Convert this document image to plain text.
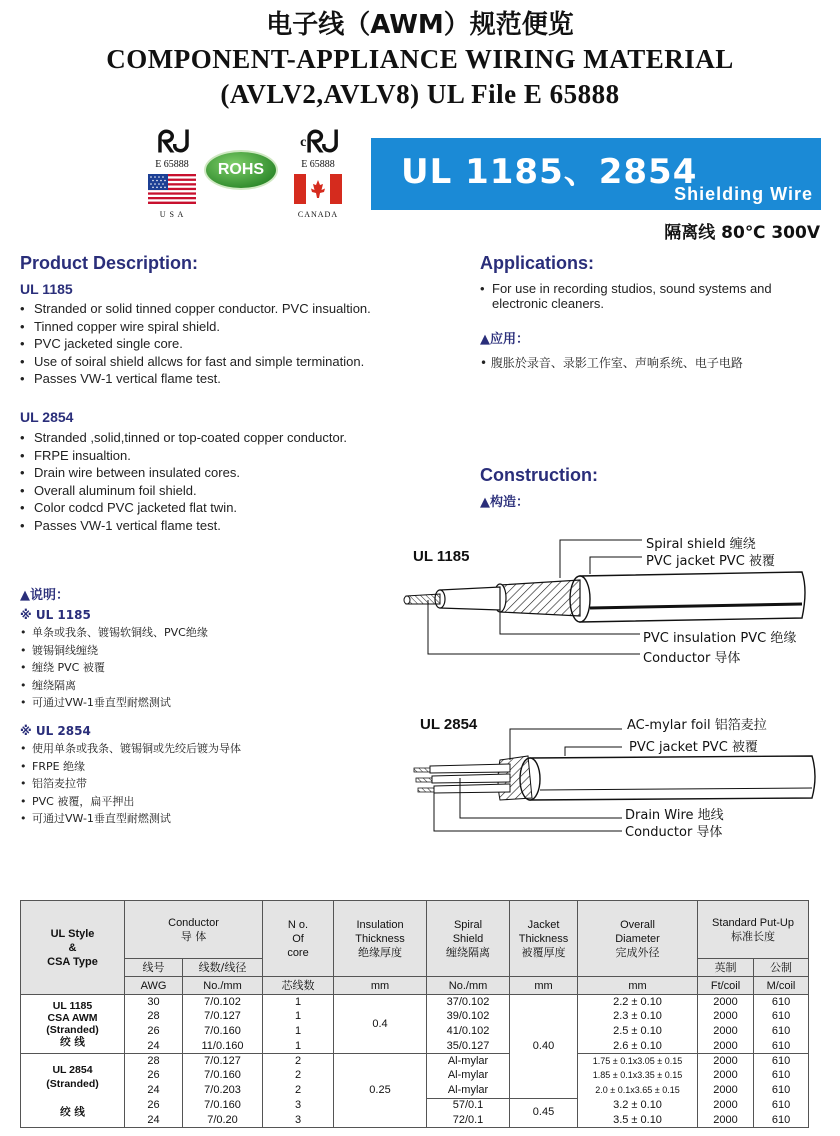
电子线（AWM）规范便览
COMPONENT-APPLIANCE WIRING MATERIAL
(AVLV2,AVLV8) UL File E 65888
ᖇᒍ
E 65888
U S A
ROHS
$^c$ᖇᒍ
E 65888
CANADA
UL 1185、2854
Shielding Wire
隔离线 80℃ 300V
Product Description:
UL 1185
• Stranded or solid tinned copper conductor. PVC insualtion.
• Tinned copper wire spiral shield.
• PVC jacketed single core.
• Use of soiral shield allcws for fast and simple termination.
• Passes VW-1 vertical flame test.
UL 2854
• Stranded ,solid,tinned or top-coated copper conductor.
• FRPE insualtion.
• Drain wire between insulated cores.
• Overall aluminum foil shield.
• Color codcd PVC jacketed flat twin.
• Passes VW-1 vertical flame test.
▲说明：
※ UL 1185
• 单条或我条、镀锡软铜线、PVC绝缘
• 镀锡铜线缠绕
• 缠绕 PVC 被覆
• 缠绕隔离
• 可通过VW-1垂直型耐燃测试
※ UL 2854
• 使用单条或我条、镀锡铜或先绞后镀为导体
• FRPE 绝缘
• 铝箔麦拉带
• PVC 被覆，扁平押出
• 可通过VW-1垂直型耐燃测试
Applications:
• For use in recording studios, sound systems and electronic cleaners.
▲应用：
• 腹胀於录音、录影工作室、声响系统、电子电路
Construction:
▲构造：
UL 1185
Spiral shield 缠绕
PVC jacket PVC 被覆
PVC insulation PVC 绝缘
Conductor 导体
UL 2854	AC-mylar foil 铝箔麦拉
PVC jacket PVC 被覆
Drain Wire 地线
Conductor 导体
UL Style
&
CSA Type	Conductor
导 体		N o.
Of
core	Insulation
Thickness
绝缘厚度	Spiral
Shield
缠绕隔离	Jacket
Thickness
被覆厚度	Overall
Diameter
完成外径	Standard Put-Up
标准长度	
	线号	线数/线径						英制	公制
	AWG	No./mm	芯线数	mm	No./mm	mm	mm	Ft/coil	M/coil
UL 1185
CSA AWM
(Stranded)
绞 线	30	7/0.102	1	0.4	37/0.102	0.40	2.2 ± 0.10	2000	610
	28	7/0.127	1		39/0.102		2.3 ± 0.10	2000	610
	26	7/0.160	1		41/0.102		2.5 ± 0.10	2000	610
	24	11/0.160	1		35/0.127		2.6 ± 0.10	2000	610
UL 2854
(Stranded)

绞 线	28	7/0.127	2	0.25	Al-mylar		1.75 ± 0.1x3.05 ± 0.15	2000	610
	26	7/0.160	2		Al-mylar		1.85 ± 0.1x3.35 ± 0.15	2000	610
	24	7/0.203	2		Al-mylar		2.0 ± 0.1x3.65 ± 0.15	2000	610
	26	7/0.160	3		57/0.1	0.45	3.2 ± 0.10	2000	610
	24	7/0.20	3		72/0.1		3.5 ± 0.10	2000	610
